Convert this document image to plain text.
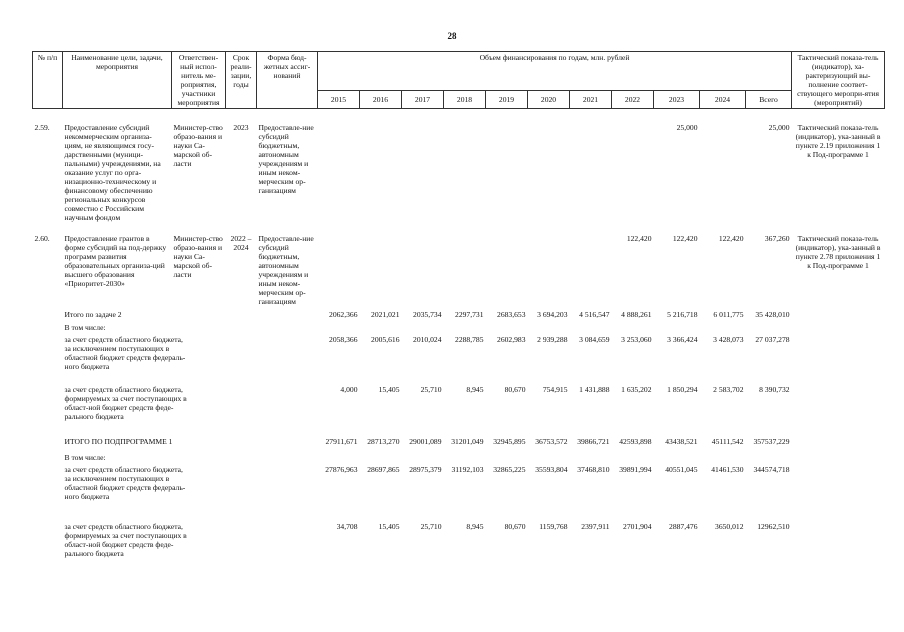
28
№ п/п	Наименование цели, задачи, мероприятия	Ответствен-ный испол-нитель ме-роприятия, участники мероприятия	Срок реали-зации, годы	Форма бюд-жетных ассиг-нований	Объем финансирования по годам, млн. рублей											Тактический показа-тель (индикатор), ха-рактеризующий вы-полнение соответ-ствующего меропри-ятия (мероприятий)
					2015	2016	2017	2018	2019	2020	2021	2022	2023	2024	Всего	
2.59.	Предоставление субсидий некоммерческим организа-циям, не являющимся госу-дарственными (муници-пальными) учреждениями, на оказание услуг по орга-низационно-техническому и финансовому обеспечению региональных конкурсов совместно с Российским научным фондом	Министер-ство образо-вания и науки Са-марской об-ласти	2023	Предоставле-ние субсидий бюджетным, автономным учреждениям и иным неком-мерческим ор-ганизациям									25,000		25,000	Тактический показа-тель (индикатор), ука-занный в пункте 2.19 приложения 1 к Под-программе 1
2.60.	Предоставление грантов в форме субсидий на под-держку программ развития образовательных организа-ций высшего образования «Приоритет-2030»	Министер-ство образо-вания и науки Са-марской об-ласти	2022 – 2024	Предоставле-ние субсидий бюджетным, автономным учреждениям и иным неком-мерческим ор-ганизациям								122,420	122,420	122,420	367,260	Тактический показа-тель (индикатор), ука-занный в пункте 2.78 приложения 1 к Под-программе 1
	Итого по задаче 2				2062,366	2021,021	2035,734	2297,731	2683,653	3 694,203	4 516,547	4 888,261	5 216,718	6 011,775	35 428,010	
	В том числе:															
	за счет средств областного бюджета, за исключением поступающих в областной бюджет средств федераль-ного бюджета				2058,366	2005,616	2010,024	2288,785	2602,983	2 939,288	3 084,659	3 253,060	3 366,424	3 428,073	27 037,278	
	за счет средств областного бюджета, формируемых за счет поступающих в област-ной бюджет средств феде-рального бюджета				4,000	15,405	25,710	8,945	80,670	754,915	1 431,888	1 635,202	1 850,294	2 583,702	8 390,732	
	ИТОГО ПО ПОДПРОГРАММЕ 1				27911,671	28713,270	29001,089	31201,049	32945,895	36753,572	39866,721	42593,898	43438,521	45111,542	357537,229	
	В том числе:															
	за счет средств областного бюджета, за исключением поступающих в областной бюджет средств федераль-ного бюджета				27876,963	28697,865	28975,379	31192,103	32865,225	35593,804	37468,810	39891,994	40551,045	41461,530	344574,718	
	за счет средств областного бюджета, формируемых за счет поступающих в област-ной бюджет средств феде-рального бюджета				34,708	15,405	25,710	8,945	80,670	1159,768	2397,911	2701,904	2887,476	3650,012	12962,510	
